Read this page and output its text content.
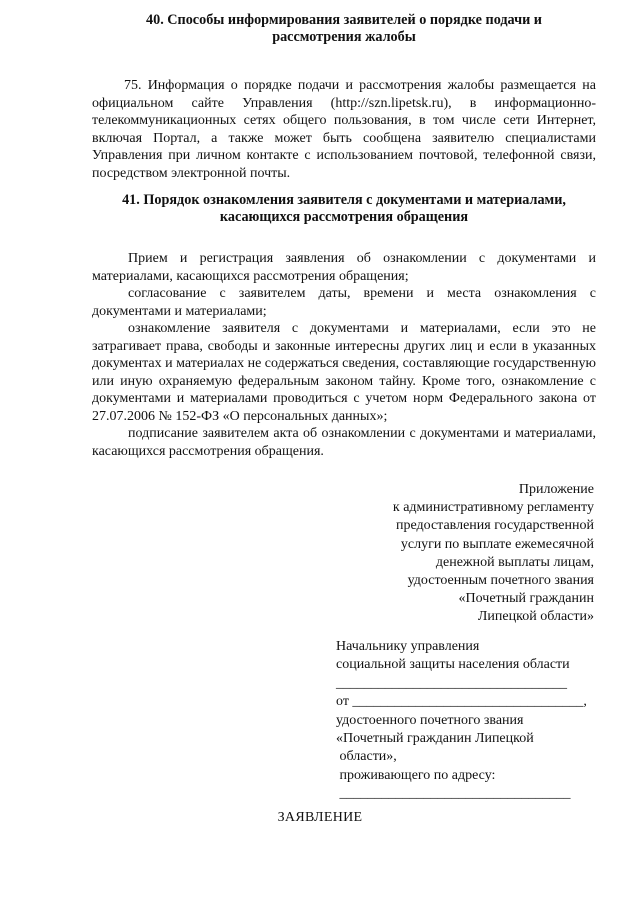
40. Способы информирования заявителей о порядке подачи и
рассмотрения жалобы

75. Информация о порядке подачи и рассмотрения жалобы размещается на официальном сайте Управления (http://szn.lipetsk.ru), в информационно-телекоммуникационных сетях общего пользования, в том числе сети Интернет, включая Портал, а также может быть сообщена заявителю специалистами Управления при личном контакте с использованием почтовой, телефонной связи, посредством электронной почты.

41. Порядок ознакомления заявителя с документами и материалами,
касающихся рассмотрения обращения

Прием и регистрация заявления об ознакомлении с документами и материалами, касающихся рассмотрения обращения;

согласование с заявителем даты, времени и места ознакомления с документами и материалами;

ознакомление заявителя с документами и материалами, если это не затрагивает права, свободы и законные интересны других лиц и если в указанных документах и материалах не содержаться сведения, составляющие государственную или иную охраняемую федеральным законом тайну. Кроме того, ознакомление с документами и материалами проводиться с учетом норм Федерального закона от 27.07.2006 № 152-ФЗ «О персональных данных»;

подписание заявителем акта об ознакомлении с документами и материалами, касающихся рассмотрения обращения.

Приложение
к административному регламенту
предоставления государственной
услуги по выплате ежемесячной
денежной выплаты лицам,
удостоенным почетного звания
«Почетный гражданин
Липецкой области»
Начальнику управления
социальной защиты населения области
_________________________________
от _________________________________,
удостоенного почетного звания
«Почетный гражданин Липецкой
области»,
проживающего по адресу:
_________________________________
ЗАЯВЛЕНИЕ
